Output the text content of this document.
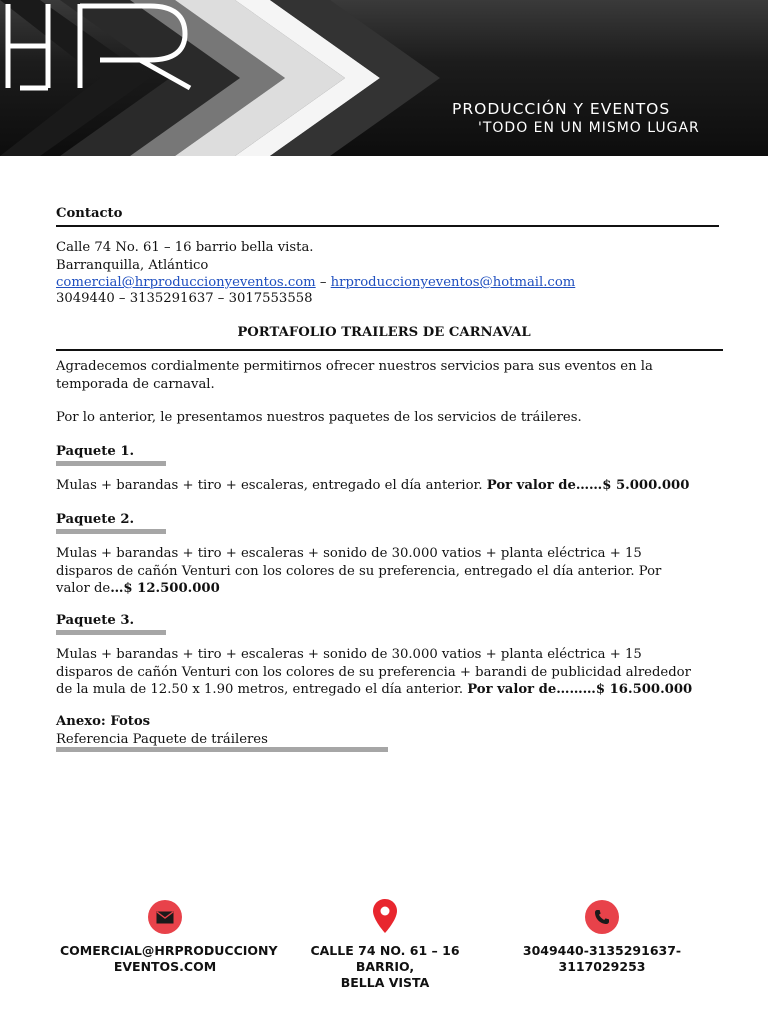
PRODUCCIÓN Y EVENTOS
'TODO EN UN MISMO LUGAR
Contacto
Calle 74 No. 61 – 16 barrio bella vista.
Barranquilla, Atlántico
comercial@hrproduccionyeventos.com – hrproduccionyeventos@hotmail.com
3049440 – 3135291637 – 3017553558
PORTAFOLIO TRAILERS DE CARNAVAL
Agradecemos cordialmente permitirnos ofrecer nuestros servicios para sus eventos en la temporada de carnaval.
Por lo anterior, le presentamos nuestros paquetes de los servicios de tráileres.
Paquete 1.
Mulas + barandas + tiro + escaleras, entregado el día anterior. Por valor de……$ 5.000.000
Paquete 2.
Mulas + barandas + tiro + escaleras + sonido de 30.000 vatios + planta eléctrica + 15 disparos de cañón Venturi con los colores de su preferencia, entregado el día anterior. Por valor de…$ 12.500.000
Paquete 3.
Mulas + barandas + tiro + escaleras + sonido de 30.000 vatios + planta eléctrica + 15 disparos de cañón Venturi con los colores de su preferencia + barandi de publicidad alrededor de la mula de 12.50 x 1.90 metros, entregado el día anterior. Por valor de………$ 16.500.000
Anexo: Fotos
Referencia Paquete de tráileres
COMERCIAL@HRPRODUCCIONY
EVENTOS.COM
CALLE 74 NO. 61 – 16 BARRIO,
BELLA VISTA
3049440-3135291637-
3117029253
